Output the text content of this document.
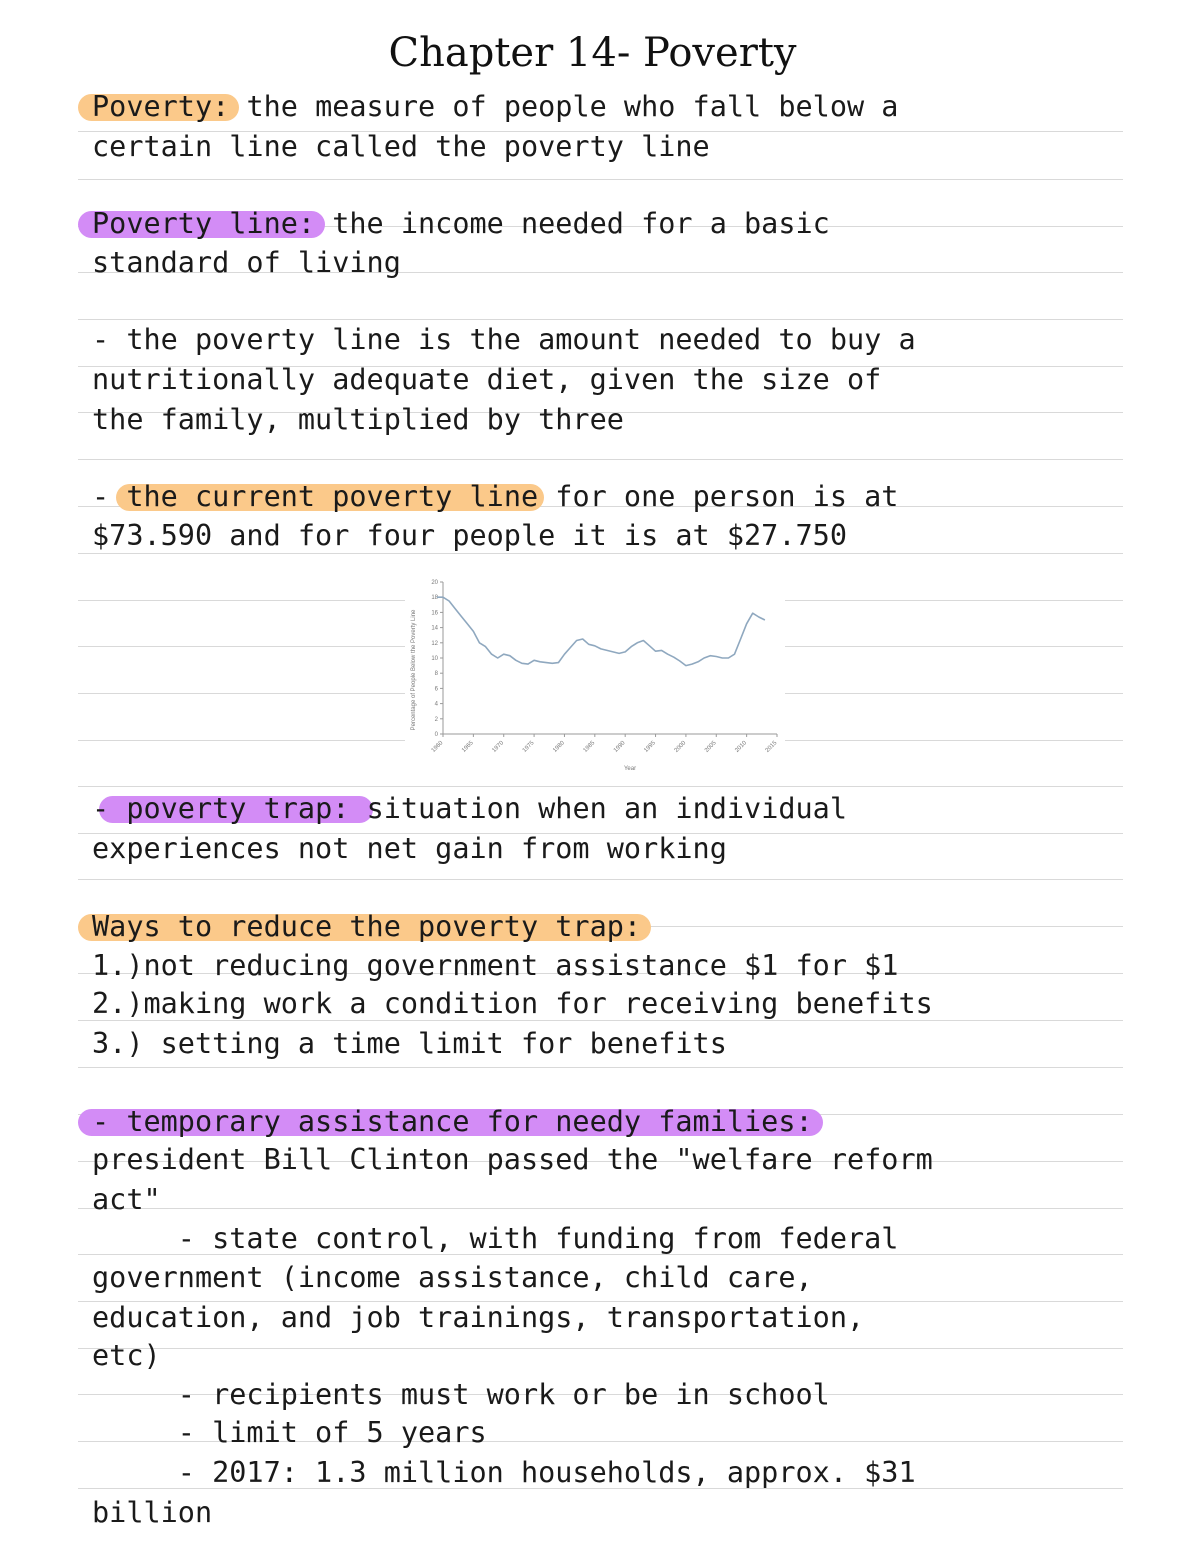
Chapter 14- Poverty
Poverty: the measure of people who fall below a
certain line called the poverty line
Poverty line: the income needed for a basic
standard of living
- the poverty line is the amount needed to buy a
nutritionally adequate diet, given the size of
the family, multiplied by three
- the current poverty line for one person is at
$73.590 and for four people it is at $27.750
0
2
4
6
8
10
12
14
16
18
20
1960	1965	1970	1975	1980	1985	1990	1995	2000	2005	2010	2015
Year
Percentage of People Below the Poverty Line
- poverty trap: situation when an individual
experiences not net gain from working
Ways to reduce the poverty trap:
1.)not reducing government assistance $1 for $1
2.)making work a condition for receiving benefits
3.) setting a time limit for benefits
- temporary assistance for needy families:
president Bill Clinton passed the "welfare reform
act"
- state control, with funding from federal
government (income assistance, child care,
education, and job trainings, transportation,
etc)
- recipients must work or be in school
- limit of 5 years
- 2017: 1.3 million households, approx. $31
billion
